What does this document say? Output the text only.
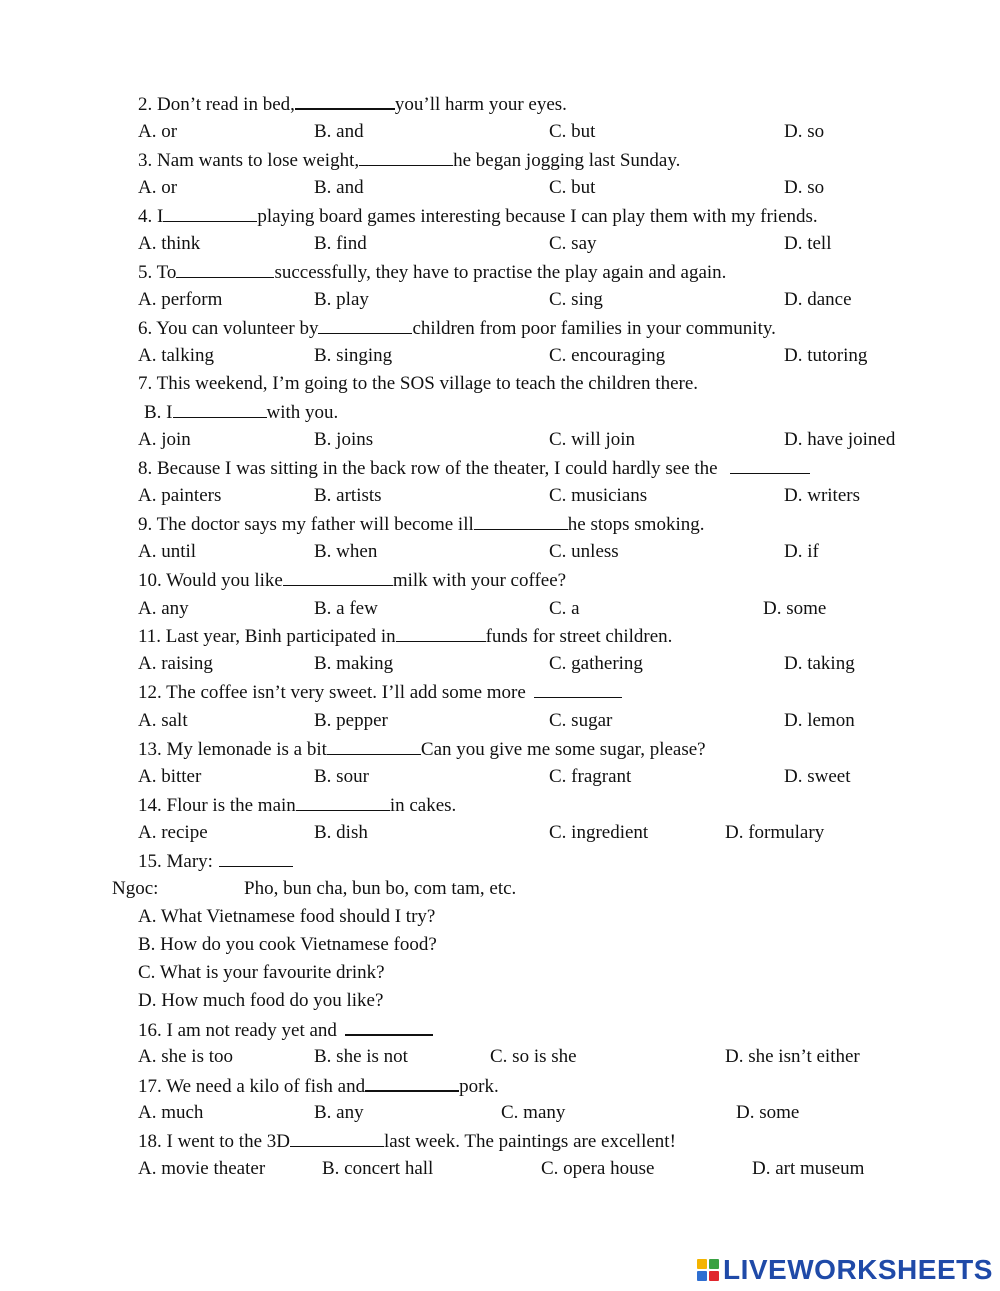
2. Don’t read in bed,	you’ll harm your eyes.
A. or	B. and	C. but	D. so
3. Nam wants to lose weight,	he began jogging last Sunday.
A. or	B. and	C. but	D. so
4. I	playing board games interesting because I can play them with my friends.
A. think	B. find	C. say	D. tell
5. To	successfully, they have to practise the play again and again.
A. perform	B. play	C. sing	D. dance
6. You can volunteer by	children from poor families in your community.
A. talking	B. singing	C. encouraging	D. tutoring
7. This weekend, I’m going to the SOS village to teach the children there.
B. I	with you.
A. join	B. joins	C. will join	D. have joined
8. Because I was sitting in the back row of the theater, I could hardly see the
A. painters	B. artists	C. musicians	D. writers
9. The doctor says my father will become ill	he stops smoking.
A. until	B. when	C. unless	D. if
10. Would you like	milk with your coffee?
A. any	B. a few	C. a	D. some
11. Last year, Binh participated in	funds for street children.
A. raising	B. making	C. gathering	D. taking
12. The coffee isn’t very sweet. I’ll add some more
A. salt	B. pepper	C. sugar	D. lemon
13. My lemonade is a bit	Can you give me some sugar, please?
A. bitter	B. sour	C. fragrant	D. sweet
14. Flour is the main	in cakes.
A. recipe	B. dish	C. ingredient	D. formulary
15. Mary:
Ngoc:	Pho, bun cha, bun bo, com tam, etc.
A. What Vietnamese food should I try?
B. How do you cook Vietnamese food?
C. What is your favourite drink?
D. How much food do you like?
16. I am not ready yet and
A. she is too	B. she is not	C. so is she	D. she isn’t either
17. We need a kilo of fish and	pork.
A. much	B. any	C. many	D. some
18. I went to the 3D	last week. The paintings are excellent!
A. movie theater	B. concert hall	C. opera house	D. art museum
LIVEWORKSHEETS
